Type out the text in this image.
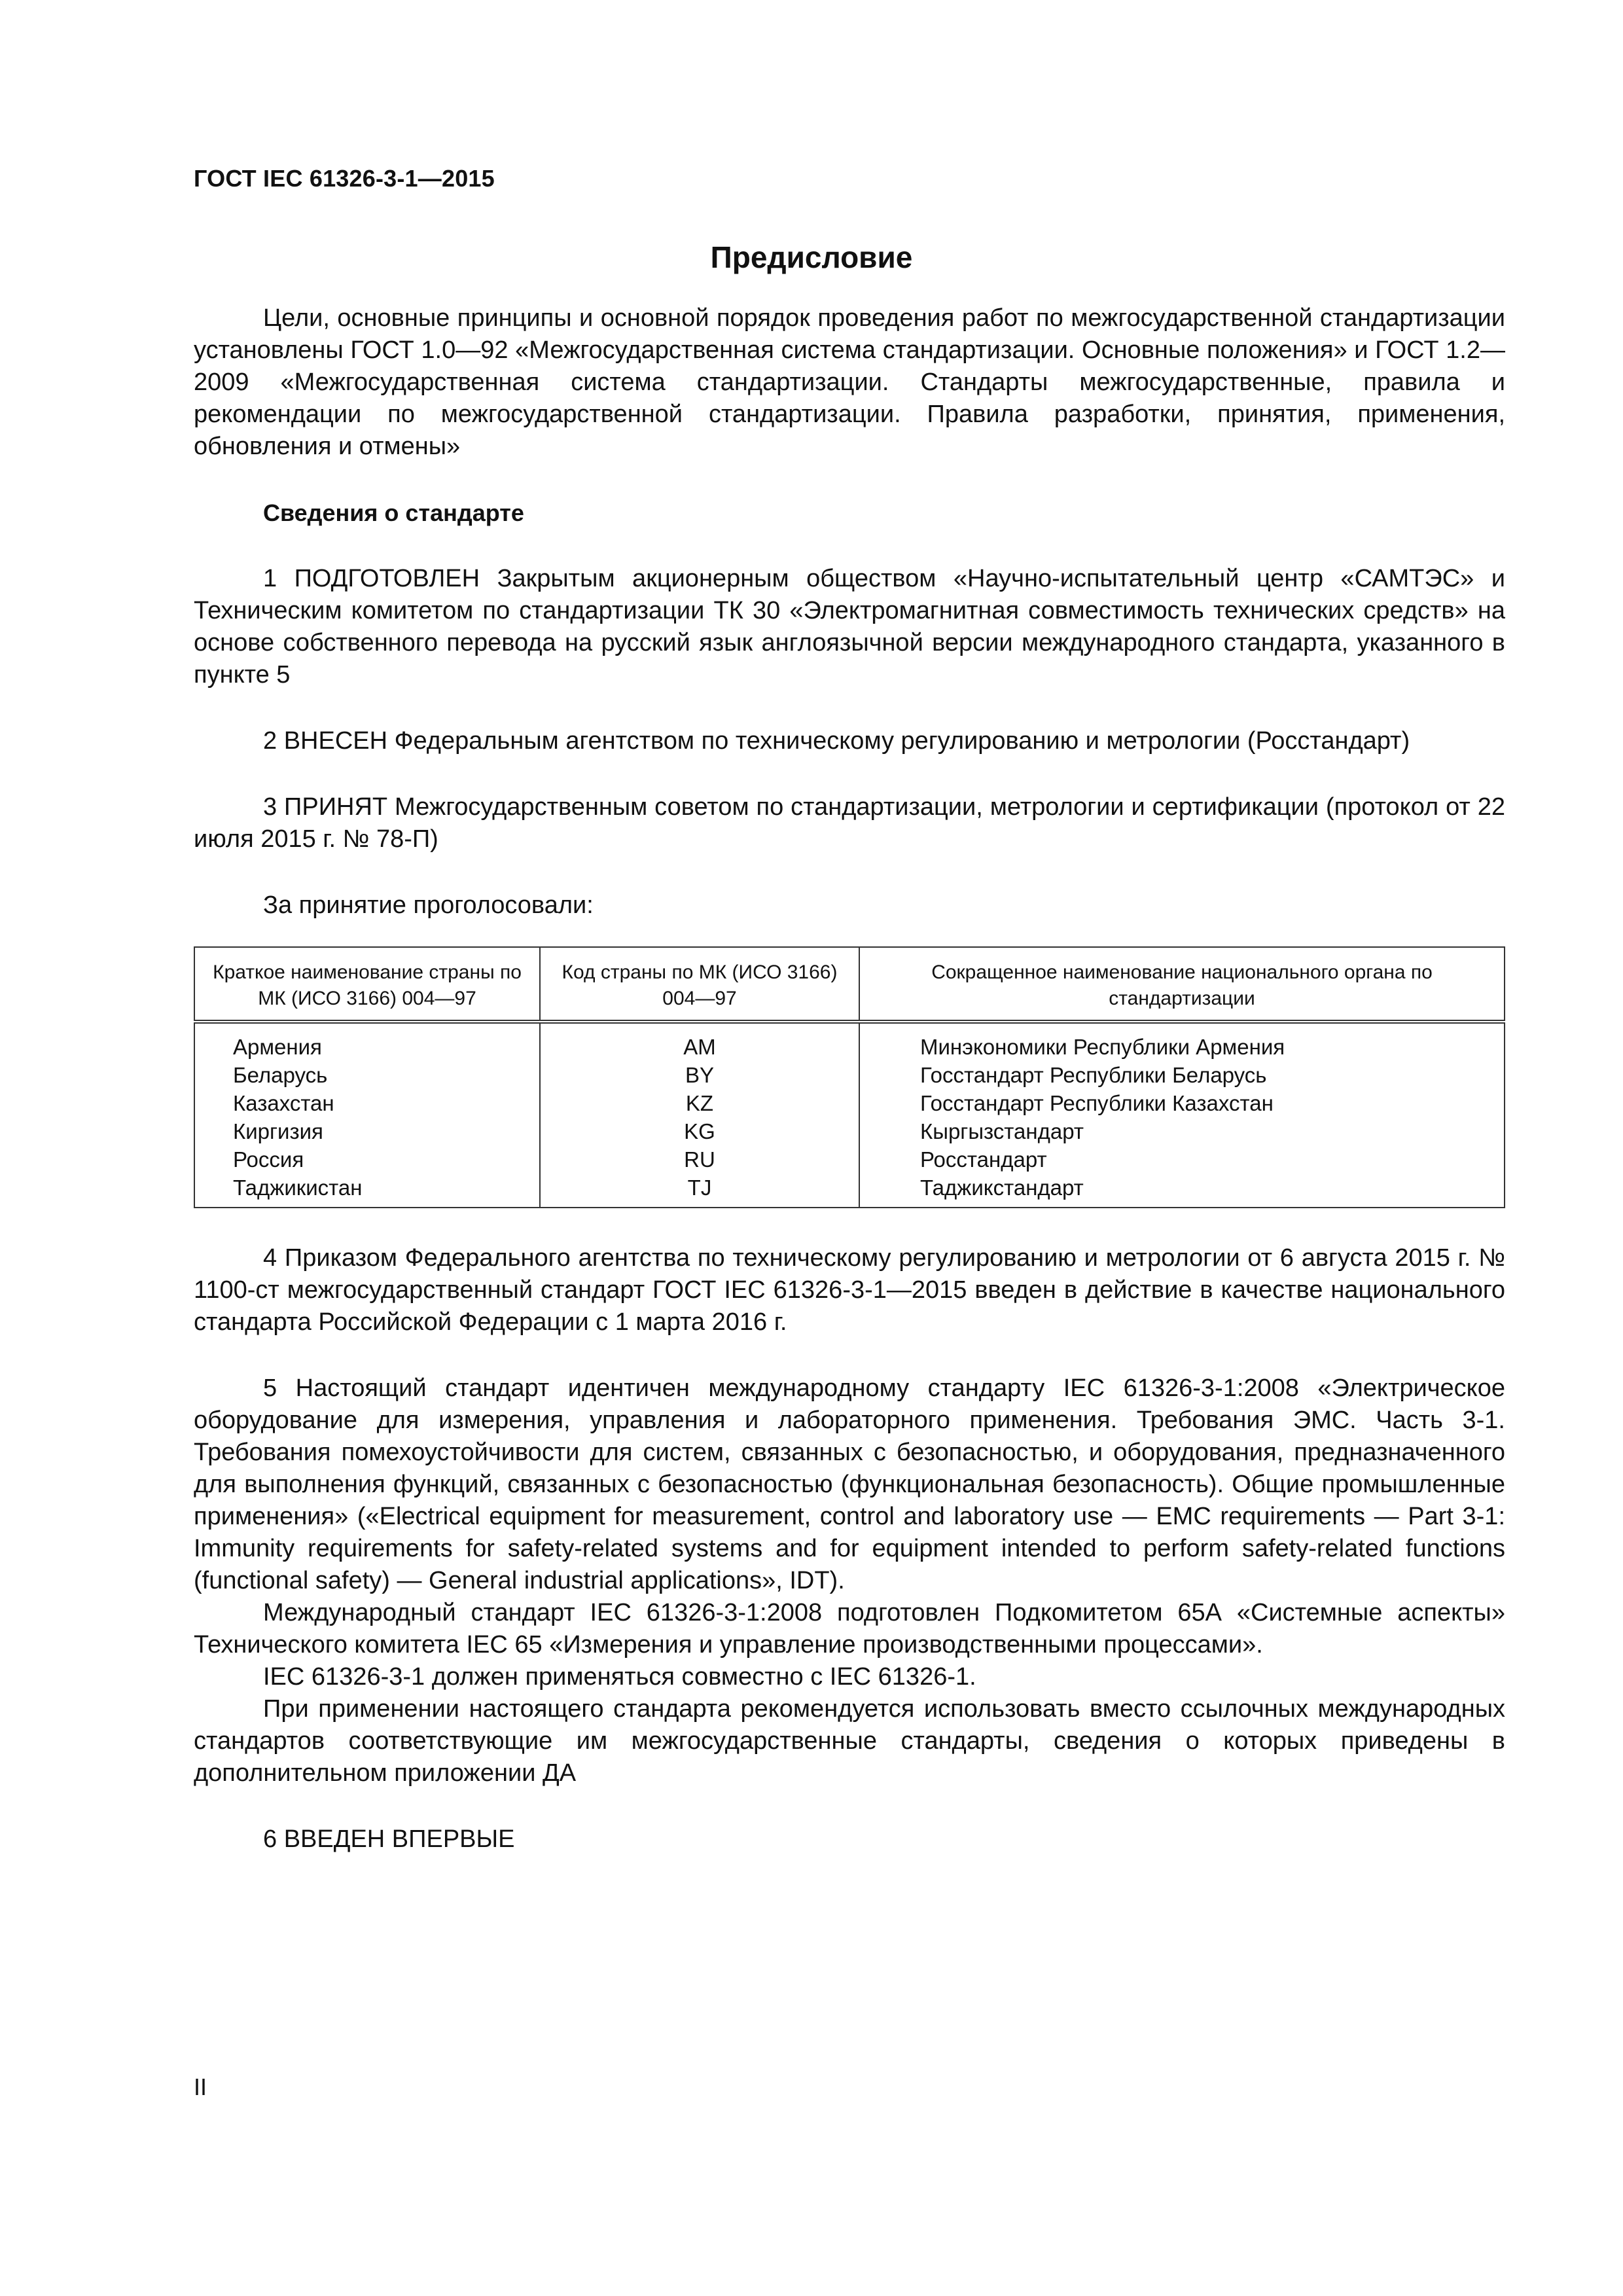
ГОСТ IEC 61326-3-1—2015
Предисловие

Цели, основные принципы и основной порядок проведения работ по межгосударственной стандартизации установлены ГОСТ 1.0—92 «Межгосударственная система стандартизации. Основные положения» и ГОСТ 1.2—2009 «Межгосударственная система стандартизации. Стандарты межгосударственные, правила и рекомендации по межгосударственной стандартизации. Правила разработки, принятия, применения, обновления и отмены»

Сведения о стандарте

1 ПОДГОТОВЛЕН Закрытым акционерным обществом «Научно-испытательный центр «САМТЭС» и Техническим комитетом по стандартизации ТК 30 «Электромагнитная совместимость технических средств» на основе собственного перевода на русский язык англоязычной версии международного стандарта, указанного в пункте 5

2 ВНЕСЕН Федеральным агентством по техническому регулированию и метрологии (Росстандарт)

3 ПРИНЯТ Межгосударственным советом по стандартизации, метрологии и сертификации (протокол от 22 июля 2015 г. № 78-П)

За принятие проголосовали:
Краткое наименование страны по МК (ИСО 3166) 004—97	Код страны по МК (ИСО 3166) 004—97	Сокращенное наименование национального органа по стандартизации
Армения	AM	Минэкономики Республики Армения
Беларусь	BY	Госстандарт Республики Беларусь
Казахстан	KZ	Госстандарт Республики Казахстан
Киргизия	KG	Кыргызстандарт
Россия	RU	Росстандарт
Таджикистан	TJ	Таджикстандарт

4 Приказом Федерального агентства по техническому регулированию и метрологии от 6 августа 2015 г. № 1100-ст межгосударственный стандарт ГОСТ IEC 61326-3-1—2015 введен в действие в качестве национального стандарта Российской Федерации с 1 марта 2016 г.

5 Настоящий стандарт идентичен международному стандарту IEC 61326-3-1:2008 «Электрическое оборудование для измерения, управления и лабораторного применения. Требования ЭМС. Часть 3-1. Требования помехоустойчивости для систем, связанных с безопасностью, и оборудования, предназначенного для выполнения функций, связанных с безопасностью (функциональная безопасность). Общие промышленные применения» («Electrical equipment for measurement, control and laboratory use — EMC requirements — Part 3-1: Immunity requirements for safety-related systems and for equipment intended to perform safety-related functions (functional safety) — General industrial applications», IDT).

Международный стандарт IEC 61326-3-1:2008 подготовлен Подкомитетом 65А «Системные аспекты» Технического комитета IEC 65 «Измерения и управление производственными процессами».

IEC 61326-3-1 должен применяться совместно с IEC 61326-1.

При применении настоящего стандарта рекомендуется использовать вместо ссылочных международных стандартов соответствующие им межгосударственные стандарты, сведения о которых приведены в дополнительном приложении ДА

6 ВВЕДЕН ВПЕРВЫЕ

II
